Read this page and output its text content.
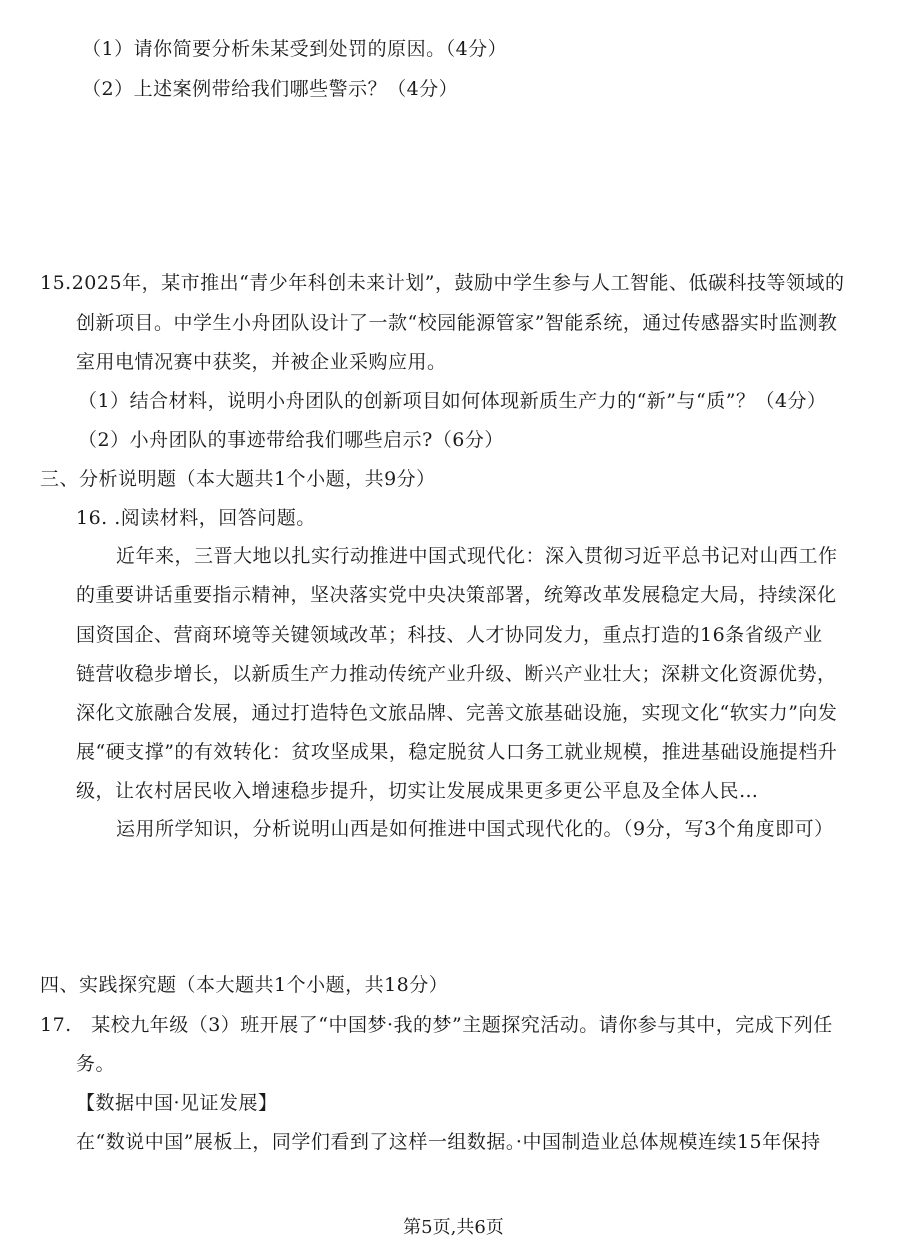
（1）请你简要分析朱某受到处罚的原因。（4分）
（2）上述案例带给我们哪些警示？（4分）
15.2025年，某市推出“青少年科创未来计划”，鼓励中学生参与人工智能、低碳科技等领域的
创新项目。中学生小舟团队设计了一款“校园能源管家”智能系统，通过传感器实时监测教
室用电情况赛中获奖，并被企业采购应用。
（1）结合材料，说明小舟团队的创新项目如何体现新质生产力的“新”与“质”？（4分）
（2）小舟团队的事迹带给我们哪些启示?（6分）
三、分析说明题（本大题共1个小题，共9分）
16. .阅读材料，回答问题。
近年来，三晋大地以扎实行动推进中国式现代化：深入贯彻习近平总书记对山西工作
的重要讲话重要指示精神，坚决落实党中央决策部署，统筹改革发展稳定大局，持续深化
国资国企、营商环境等关键领域改革；科技、人才协同发力，重点打造的16条省级产业
链营收稳步增长，以新质生产力推动传统产业升级、断兴产业壮大；深耕文化资源优势，
深化文旅融合发展，通过打造特色文旅品牌、完善文旅基础设施，实现文化“软实力”向发
展“硬支撑”的有效转化：贫攻坚成果，稳定脱贫人口务工就业规模，推进基础设施提档升
级，让农村居民收入增速稳步提升，切实让发展成果更多更公平息及全体人民…
运用所学知识，分析说明山西是如何推进中国式现代化的。（9分，写3个角度即可）
四、实践探究题（本大题共1个小题，共18分）
17.　某校九年级（3）班开展了“中国梦·我的梦”主题探究活动。请你参与其中，完成下列任
务。
【数据中国·见证发展】
在“数说中国”展板上，同学们看到了这样一组数据。·中国制造业总体规模连续15年保持
第5页,共6页
